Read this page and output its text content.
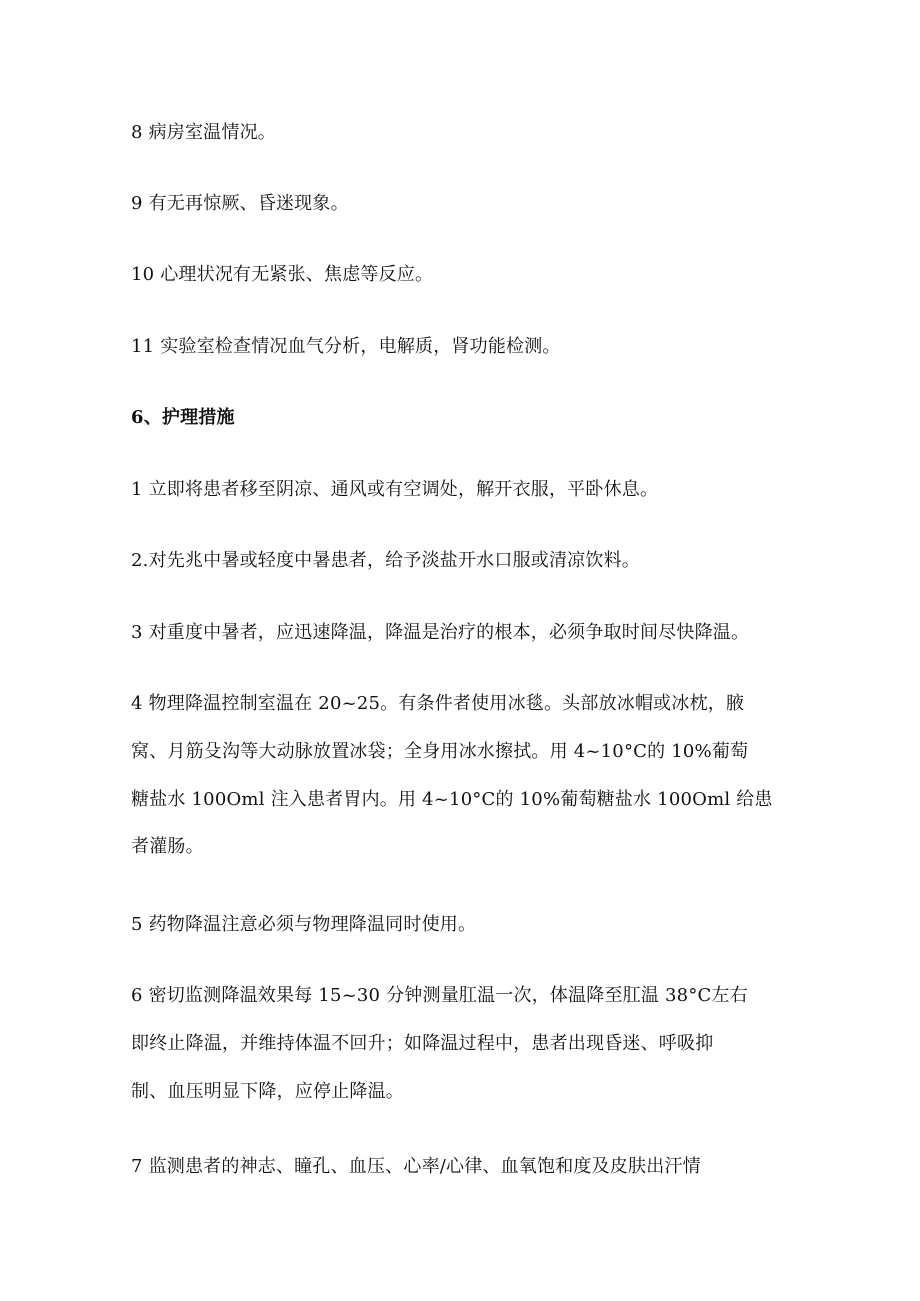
8 病房室温情况。
9 有无再惊厥、昏迷现象。
10 心理状况有无紧张、焦虑等反应。
11 实验室检查情况血气分析，电解质，肾功能检测。
6、护理措施
1 立即将患者移至阴凉、通风或有空调处，解开衣服，平卧休息。
2.对先兆中暑或轻度中暑患者，给予淡盐开水口服或清凉饮料。
3 对重度中暑者，应迅速降温，降温是治疗的根本，必须争取时间尽快降温。
4 物理降温控制室温在 20~25。有条件者使用冰毯。头部放冰帽或冰枕，腋
窝、月筋殳沟等大动脉放置冰袋；全身用冰水擦拭。用 4~10°C的 10%葡萄
糖盐水 100Oml 注入患者胃内。用 4~10°C的 10%葡萄糖盐水 100Oml 给患
者灌肠。
5 药物降温注意必须与物理降温同时使用。
6 密切监测降温效果每 15~30 分钟测量肛温一次，体温降至肛温 38°C左右
即终止降温，并维持体温不回升；如降温过程中，患者出现昏迷、呼吸抑
制、血压明显下降，应停止降温。
7 监测患者的神志、瞳孔、血压、心率/心律、血氧饱和度及皮肤出汗情
